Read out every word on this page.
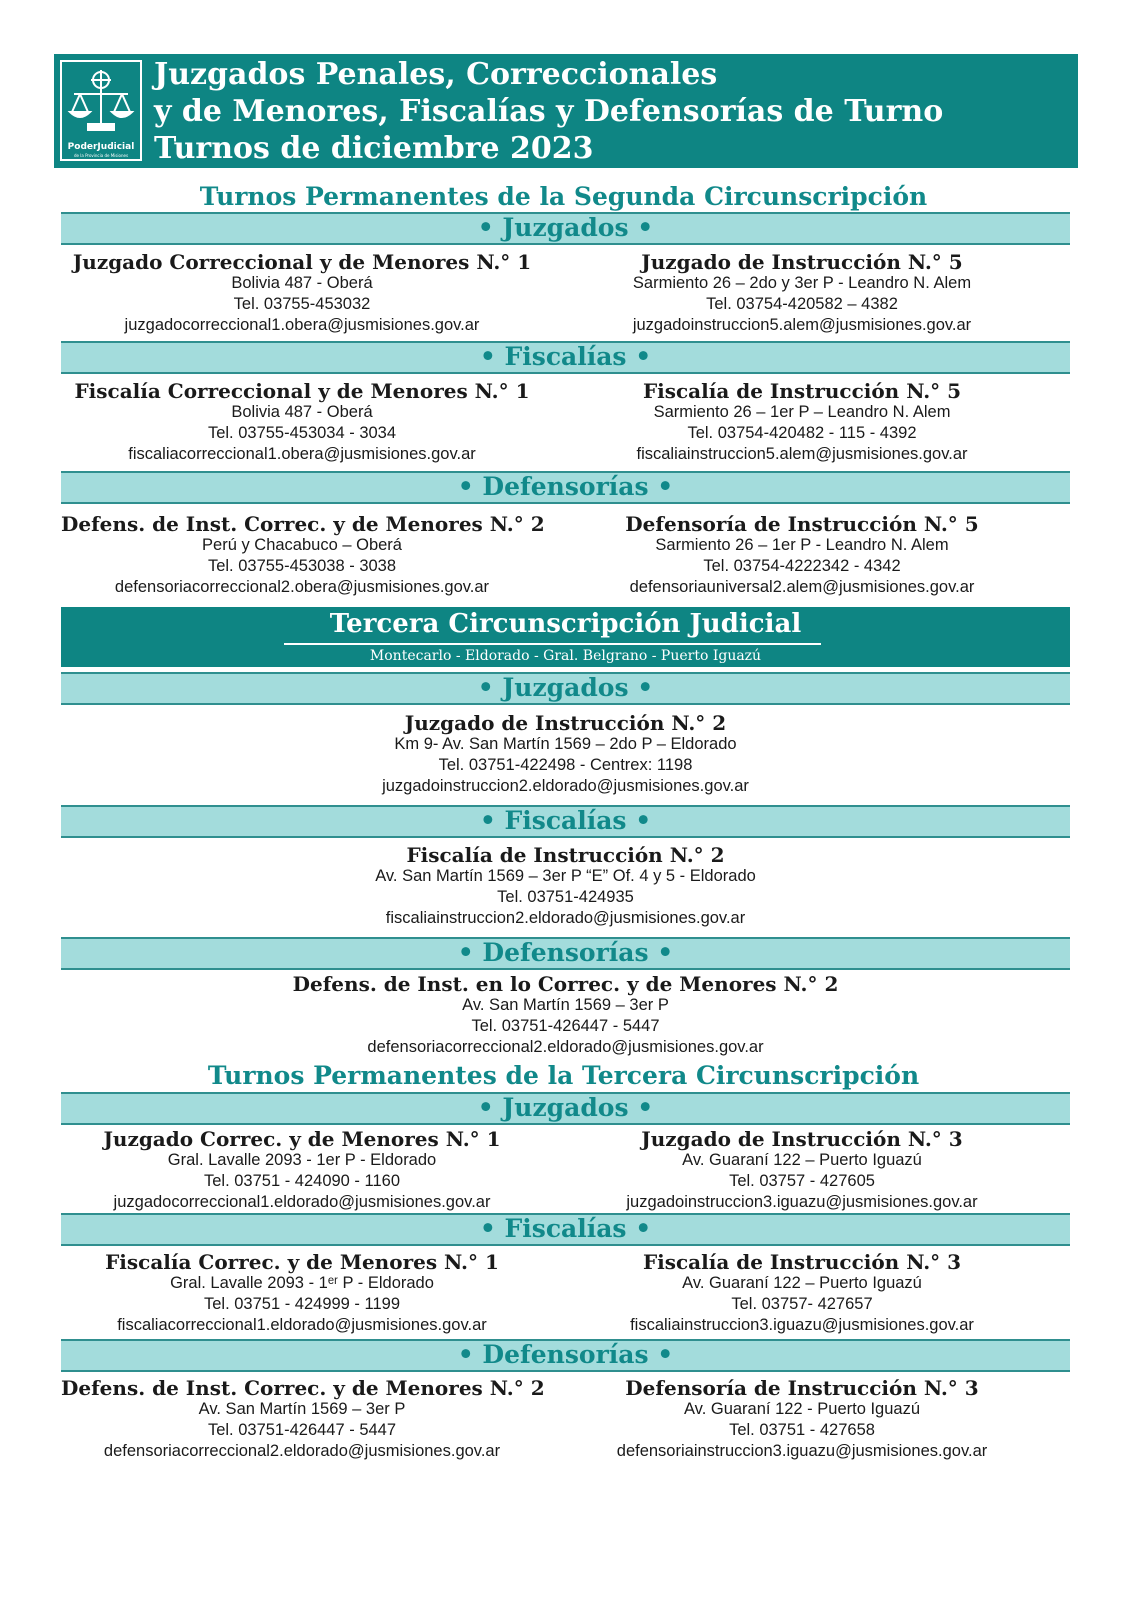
PoderJudicial
de la Provincia de Misiones
Juzgados Penales, Correccionales
y de Menores, Fiscalías y Defensorías de Turno
Turnos de diciembre 2023
Turnos Permanentes de la Segunda Circunscripción
• Juzgados •
Juzgado Correccional y de Menores N.° 1
Bolivia 487 - Oberá
Tel. 03755-453032
juzgadocorreccional1.obera@jusmisiones.gov.ar
Juzgado de Instrucción N.° 5
Sarmiento 26 – 2do y 3er P - Leandro N. Alem
Tel. 03754-420582 – 4382
juzgadoinstruccion5.alem@jusmisiones.gov.ar
• Fiscalías •
Fiscalía Correccional y de Menores N.° 1
Bolivia 487 - Oberá
Tel. 03755-453034 - 3034
fiscaliacorreccional1.obera@jusmisiones.gov.ar
Fiscalía de Instrucción N.° 5
Sarmiento 26 – 1er P – Leandro N. Alem
Tel. 03754-420482 - 115 - 4392
fiscaliainstruccion5.alem@jusmisiones.gov.ar
• Defensorías •
Defens. de Inst. Correc. y de Menores N.° 2
Perú y Chacabuco – Oberá
Tel. 03755-453038 - 3038
defensoriacorreccional2.obera@jusmisiones.gov.ar
Defensoría de Instrucción N.° 5
Sarmiento 26 – 1er P - Leandro N. Alem
Tel. 03754-4222342 - 4342
defensoriauniversal2.alem@jusmisiones.gov.ar
Tercera Circunscripción Judicial
Montecarlo - Eldorado - Gral. Belgrano - Puerto Iguazú
• Juzgados •
Juzgado de Instrucción N.° 2
Km 9- Av. San Martín 1569 – 2do P – Eldorado
Tel. 03751-422498 - Centrex: 1198
juzgadoinstruccion2.eldorado@jusmisiones.gov.ar
• Fiscalías •
Fiscalía de Instrucción N.° 2
Av. San Martín 1569 – 3er P “E” Of. 4 y 5 - Eldorado
Tel. 03751-424935
fiscaliainstruccion2.eldorado@jusmisiones.gov.ar
• Defensorías •
Defens. de Inst. en lo Correc. y de Menores N.° 2
Av. San Martín 1569 – 3er P
Tel. 03751-426447 - 5447
defensoriacorreccional2.eldorado@jusmisiones.gov.ar
Turnos Permanentes de la Tercera Circunscripción
• Juzgados •
Juzgado Correc. y de Menores N.° 1
Gral. Lavalle 2093 - 1er P - Eldorado
Tel. 03751 - 424090 - 1160
juzgadocorreccional1.eldorado@jusmisiones.gov.ar
Juzgado de Instrucción N.° 3
Av. Guaraní 122 – Puerto Iguazú
Tel. 03757 - 427605
juzgadoinstruccion3.iguazu@jusmisiones.gov.ar
• Fiscalías •
Fiscalía Correc. y de Menores N.° 1
Gral. Lavalle 2093 - 1ᵉʳ P - Eldorado
Tel. 03751 - 424999 - 1199
fiscaliacorreccional1.eldorado@jusmisiones.gov.ar
Fiscalía de Instrucción N.° 3
Av. Guaraní 122 – Puerto Iguazú
Tel. 03757- 427657
fiscaliainstruccion3.iguazu@jusmisiones.gov.ar
• Defensorías •
Defens. de Inst. Correc. y de Menores N.° 2
Av. San Martín 1569 – 3er P
Tel. 03751-426447 - 5447
defensoriacorreccional2.eldorado@jusmisiones.gov.ar
Defensoría de Instrucción N.° 3
Av. Guaraní 122 - Puerto Iguazú
Tel. 03751 - 427658
defensoriainstruccion3.iguazu@jusmisiones.gov.ar
